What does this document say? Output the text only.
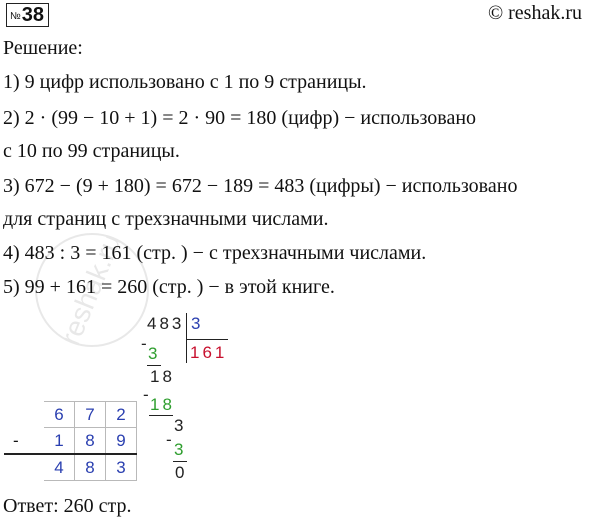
№ 38	© reshak.ru
Решение:
1) 9 цифр использовано с 1 по 9 страницы.
2) 2 · (99 − 10 + 1) = 2 · 90 = 180 (цифр) − использовано
с 10 по 99 страницы.
3) 672 − (9 + 180) = 672 − 189 = 483 (цифры) − использовано
для страниц с трехзначными числами.
4) 483 : 3 = 161 (стр. ) − с трехзначными числами.
5) 99 + 161 = 260 (стр. ) − в этой книге.
reshak.ru 483 3
161
-
3
18
-
18
3
-
3
0
	6	7	2
-	1	8	9
	4	8	3
Ответ: 260 стр.
